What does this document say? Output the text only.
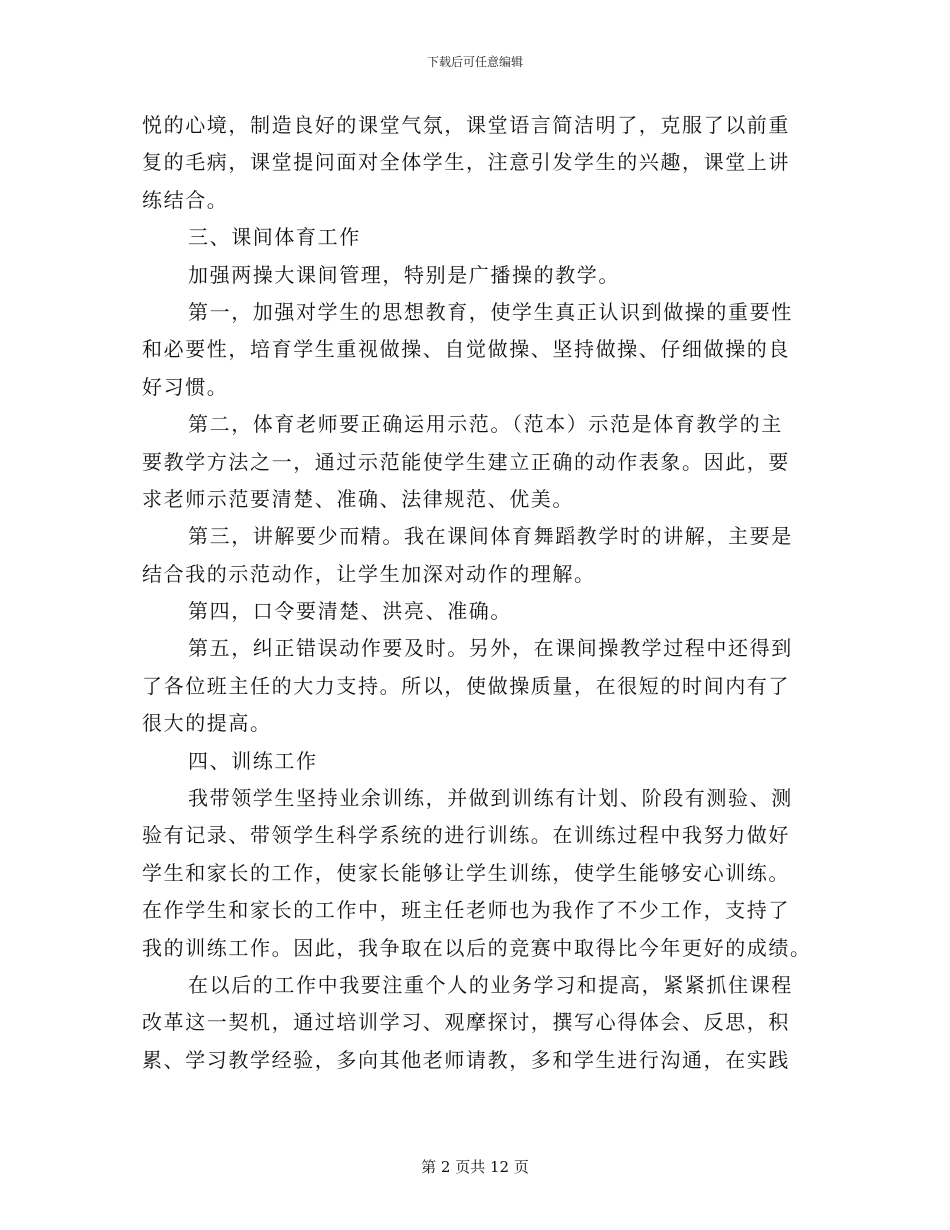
下载后可任意编辑
悦的心境，制造良好的课堂气氛，课堂语言简洁明了，克服了以前重
复的毛病，课堂提问面对全体学生，注意引发学生的兴趣，课堂上讲
练结合。
三、课间体育工作
加强两操大课间管理，特别是广播操的教学。
第一，加强对学生的思想教育，使学生真正认识到做操的重要性
和必要性，培育学生重视做操、自觉做操、坚持做操、仔细做操的良
好习惯。
第二，体育老师要正确运用示范。（范本）示范是体育教学的主
要教学方法之一，通过示范能使学生建立正确的动作表象。因此，要
求老师示范要清楚、准确、法律规范、优美。
第三，讲解要少而精。我在课间体育舞蹈教学时的讲解，主要是
结合我的示范动作，让学生加深对动作的理解。
第四，口令要清楚、洪亮、准确。
第五，纠正错误动作要及时。另外，在课间操教学过程中还得到
了各位班主任的大力支持。所以，使做操质量，在很短的时间内有了
很大的提高。
四、训练工作
我带领学生坚持业余训练，并做到训练有计划、阶段有测验、测
验有记录、带领学生科学系统的进行训练。在训练过程中我努力做好
学生和家长的工作，使家长能够让学生训练，使学生能够安心训练。
在作学生和家长的工作中，班主任老师也为我作了不少工作，支持了
我的训练工作。因此，我争取在以后的竞赛中取得比今年更好的成绩。
在以后的工作中我要注重个人的业务学习和提高，紧紧抓住课程
改革这一契机，通过培训学习、观摩探讨，撰写心得体会、反思，积
累、学习教学经验，多向其他老师请教，多和学生进行沟通，在实践
第 2 页共 12 页
